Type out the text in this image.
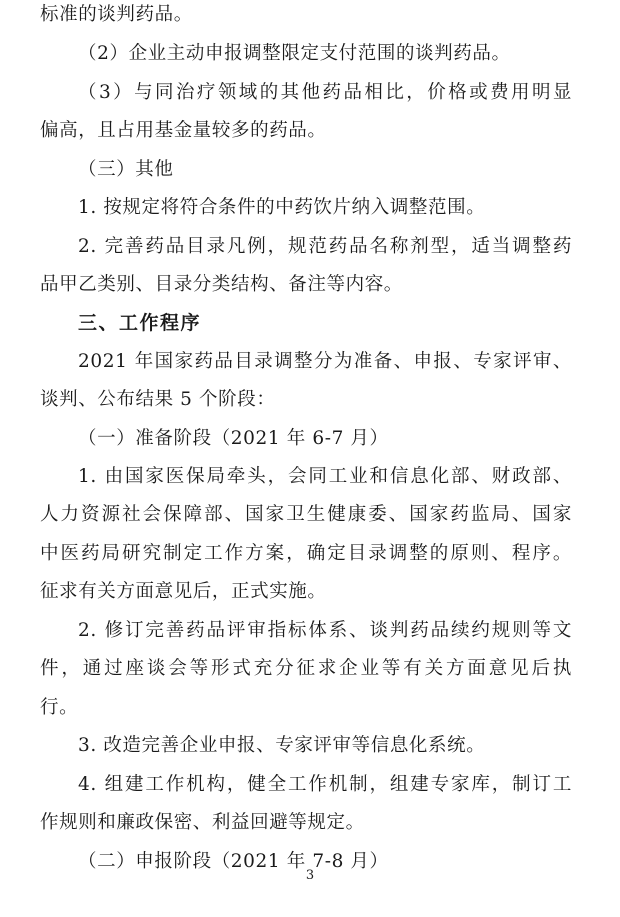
标准的谈判药品。
（2）企业主动申报调整限定支付范围的谈判药品。
（3）与同治疗领域的其他药品相比，价格或费用明显
偏高，且占用基金量较多的药品。
（三）其他
1. 按规定将符合条件的中药饮片纳入调整范围。
2. 完善药品目录凡例，规范药品名称剂型，适当调整药
品甲乙类别、目录分类结构、备注等内容。
三、工作程序
2021 年国家药品目录调整分为准备、申报、专家评审、
谈判、公布结果 5 个阶段：
（一）准备阶段（2021 年 6-7 月）
1. 由国家医保局牵头，会同工业和信息化部、财政部、
人力资源社会保障部、国家卫生健康委、国家药监局、国家
中医药局研究制定工作方案，确定目录调整的原则、程序。
征求有关方面意见后，正式实施。
2. 修订完善药品评审指标体系、谈判药品续约规则等文
件，通过座谈会等形式充分征求企业等有关方面意见后执
行。
3. 改造完善企业申报、专家评审等信息化系统。
4. 组建工作机构，健全工作机制，组建专家库，制订工
作规则和廉政保密、利益回避等规定。
（二）申报阶段（2021 年 7-8 月）
3
